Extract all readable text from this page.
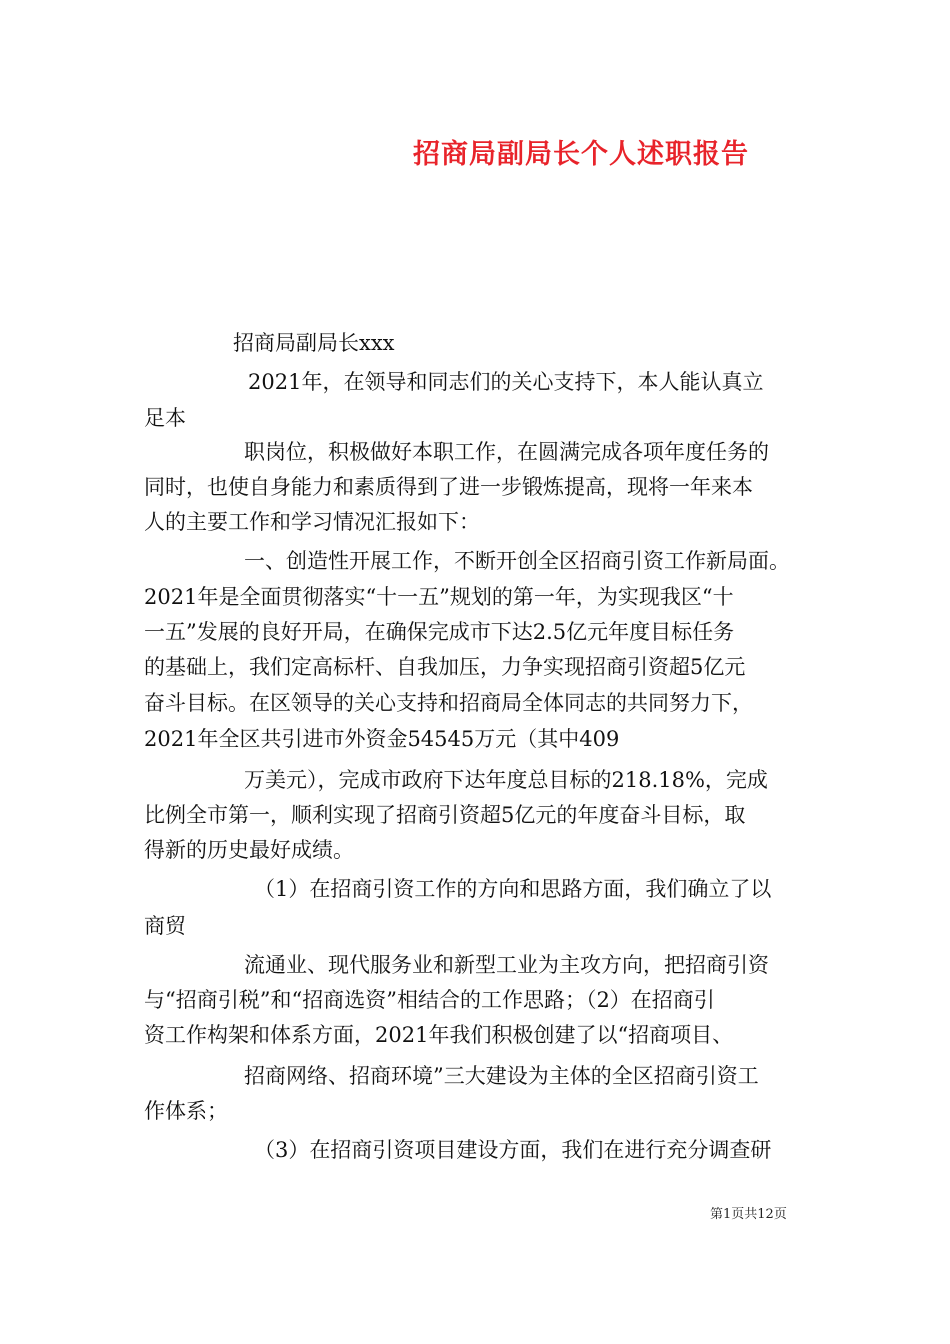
招商局副局长个人述职报告
招商局副局长xxx
2021年，在领导和同志们的关心支持下，本人能认真立
足本
职岗位，积极做好本职工作，在圆满完成各项年度任务的
同时，也使自身能力和素质得到了进一步锻炼提高，现将一年来本
人的主要工作和学习情况汇报如下：
一、创造性开展工作，不断开创全区招商引资工作新局面。
2021年是全面贯彻落实“十一五”规划的第一年，为实现我区“十
一五”发展的良好开局，在确保完成市下达2.5亿元年度目标任务
的基础上，我们定高标杆、自我加压，力争实现招商引资超5亿元
奋斗目标。在区领导的关心支持和招商局全体同志的共同努力下，
2021年全区共引进市外资金54545万元（其中409
万美元），完成市政府下达年度总目标的218.18%，完成
比例全市第一，顺利实现了招商引资超5亿元的年度奋斗目标，取
得新的历史最好成绩。
（1）在招商引资工作的方向和思路方面，我们确立了以
商贸
流通业、现代服务业和新型工业为主攻方向，把招商引资
与“招商引税”和“招商选资”相结合的工作思路；（2）在招商引
资工作构架和体系方面，2021年我们积极创建了以“招商项目、
招商网络、招商环境”三大建设为主体的全区招商引资工
作体系；
（3）在招商引资项目建设方面，我们在进行充分调查研
第1页共12页
